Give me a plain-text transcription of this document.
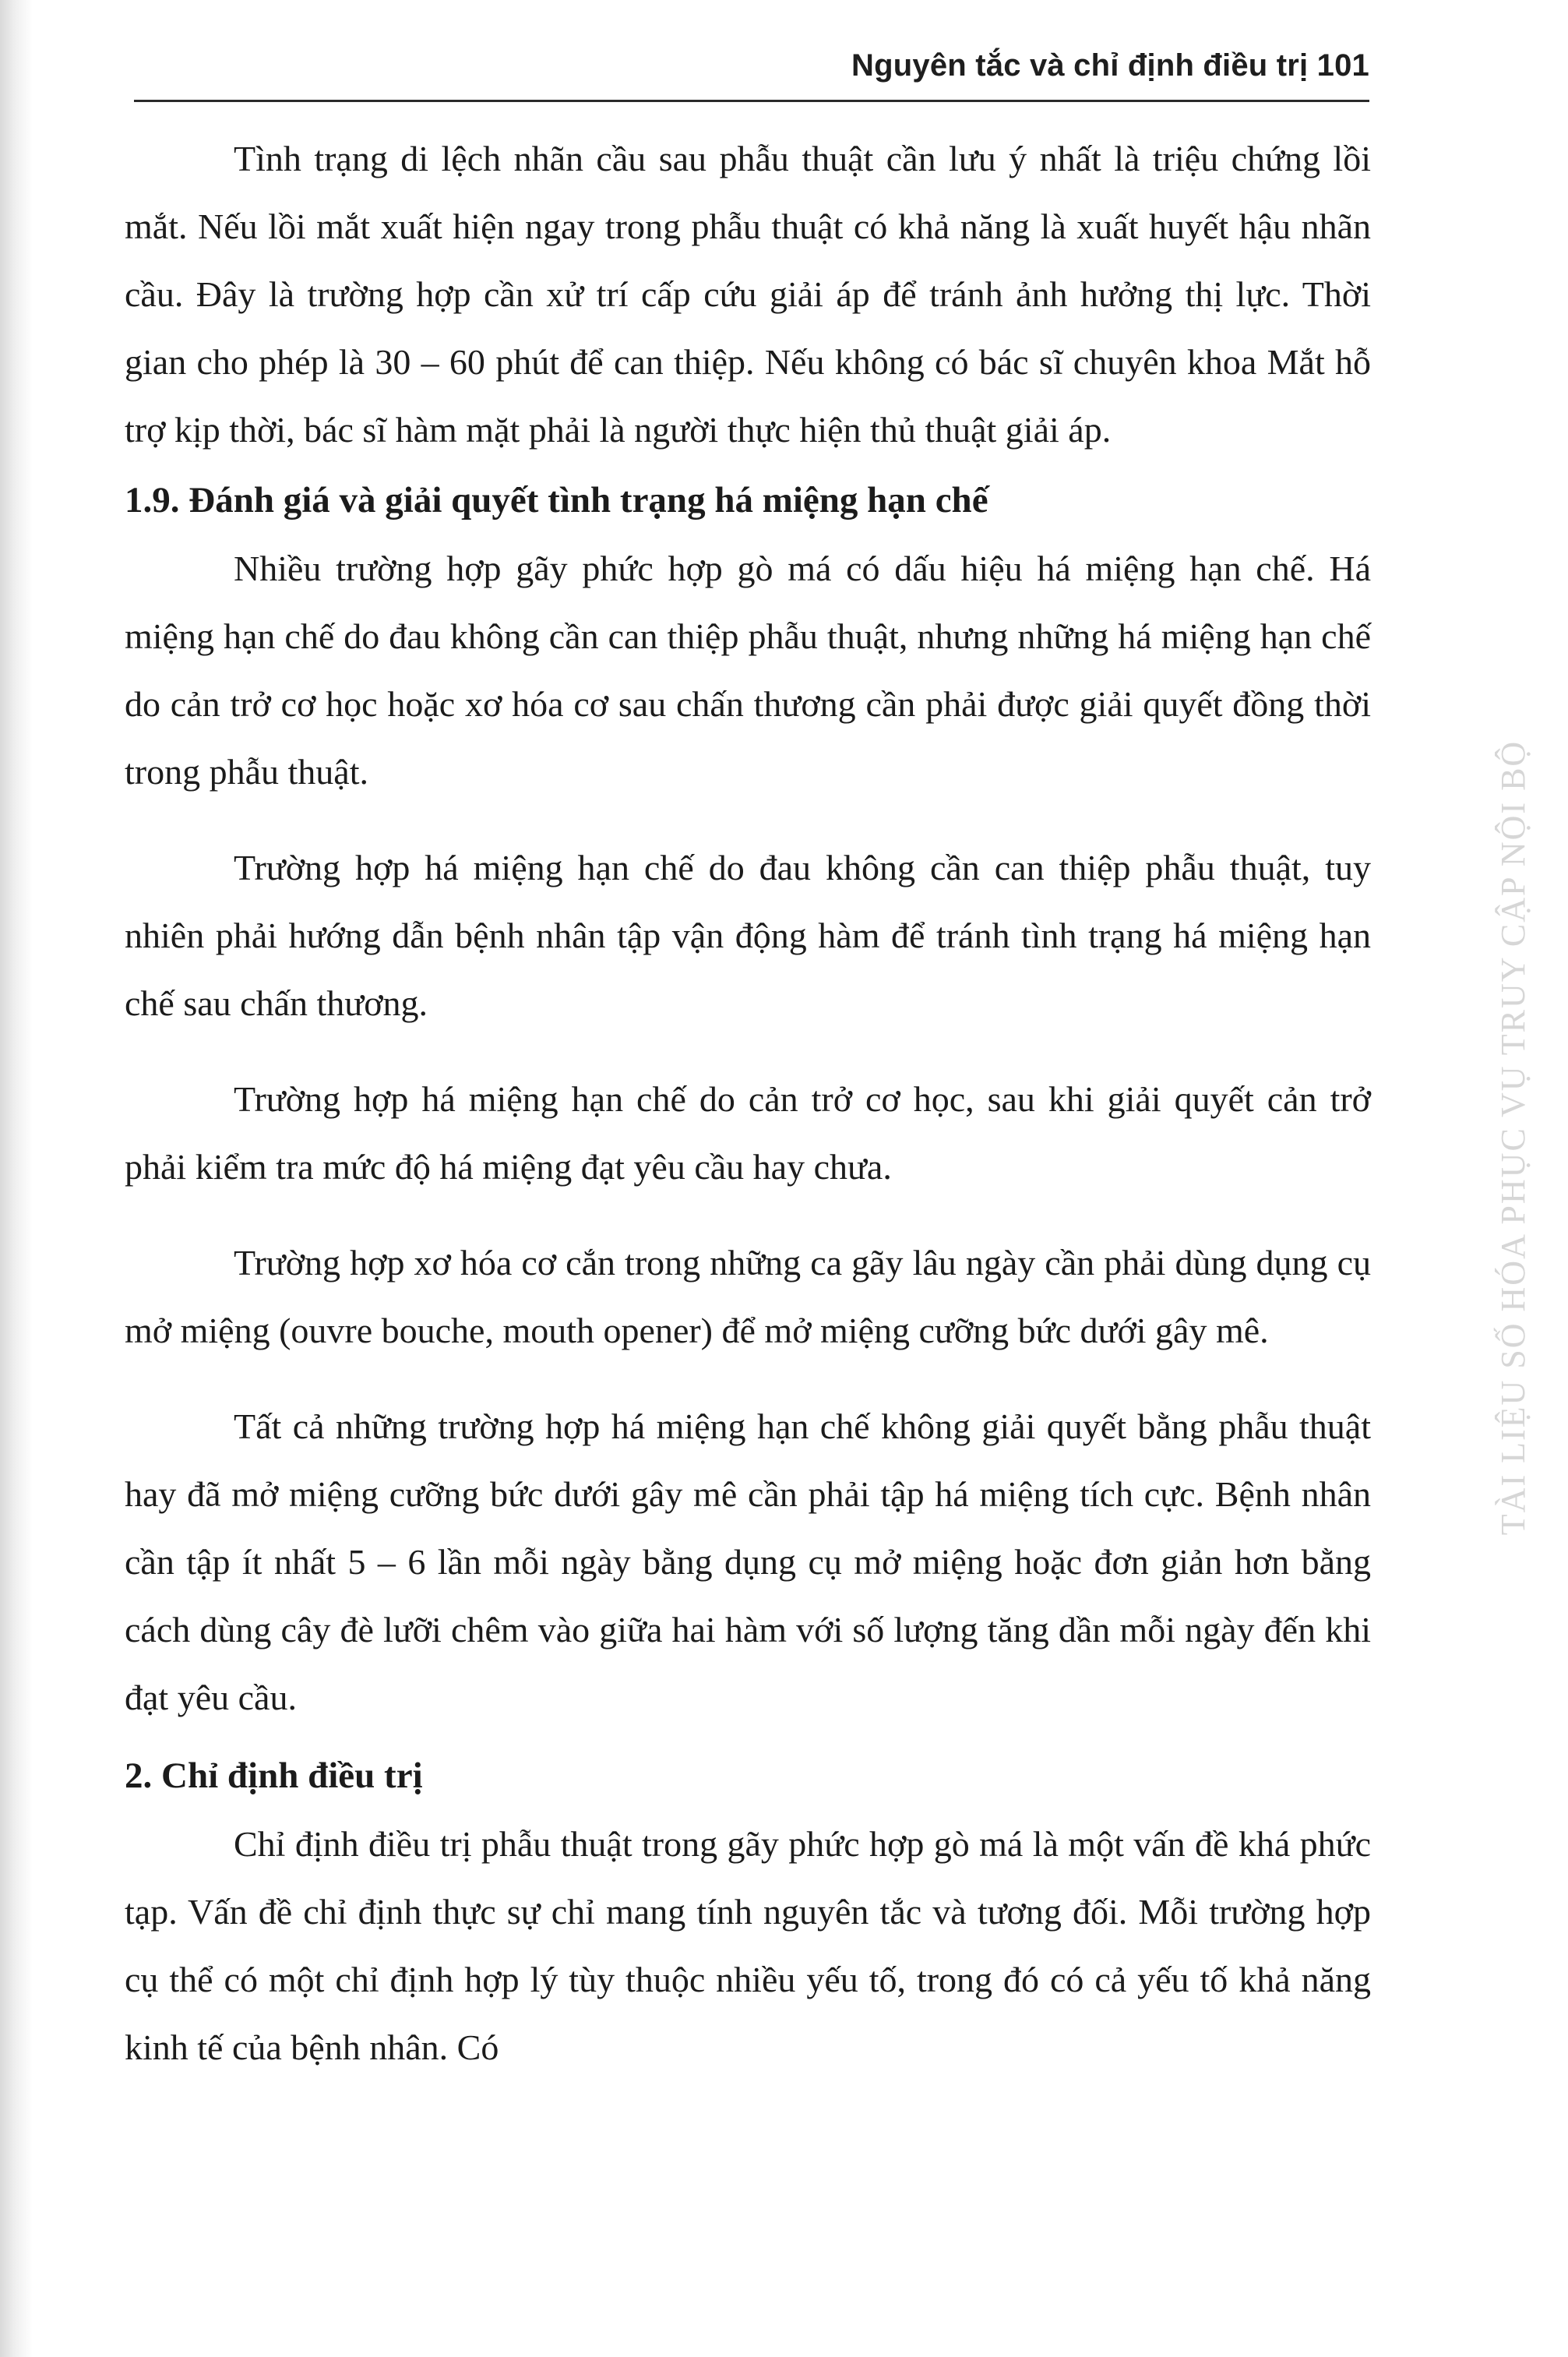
Nguyên tắc và chỉ định điều trị 101

Tình trạng di lệch nhãn cầu sau phẫu thuật cần lưu ý nhất là triệu chứng lồi mắt. Nếu lồi mắt xuất hiện ngay trong phẫu thuật có khả năng là xuất huyết hậu nhãn cầu. Đây là trường hợp cần xử trí cấp cứu giải áp để tránh ảnh hưởng thị lực. Thời gian cho phép là 30 – 60 phút để can thiệp. Nếu không có bác sĩ chuyên khoa Mắt hỗ trợ kịp thời, bác sĩ hàm mặt phải là người thực hiện thủ thuật giải áp.

1.9. Đánh giá và giải quyết tình trạng há miệng hạn chế

Nhiều trường hợp gãy phức hợp gò má có dấu hiệu há miệng hạn chế. Há miệng hạn chế do đau không cần can thiệp phẫu thuật, nhưng những há miệng hạn chế do cản trở cơ học hoặc xơ hóa cơ sau chấn thương cần phải được giải quyết đồng thời trong phẫu thuật.

Trường hợp há miệng hạn chế do đau không cần can thiệp phẫu thuật, tuy nhiên phải hướng dẫn bệnh nhân tập vận động hàm để tránh tình trạng há miệng hạn chế sau chấn thương.

Trường hợp há miệng hạn chế do cản trở cơ học, sau khi giải quyết cản trở phải kiểm tra mức độ há miệng đạt yêu cầu hay chưa.

Trường hợp xơ hóa cơ cắn trong những ca gãy lâu ngày cần phải dùng dụng cụ mở miệng (ouvre bouche, mouth opener) để mở miệng cưỡng bức dưới gây mê.

Tất cả những trường hợp há miệng hạn chế không giải quyết bằng phẫu thuật hay đã mở miệng cưỡng bức dưới gây mê cần phải tập há miệng tích cực. Bệnh nhân cần tập ít nhất 5 – 6 lần mỗi ngày bằng dụng cụ mở miệng hoặc đơn giản hơn bằng cách dùng cây đè lưỡi chêm vào giữa hai hàm với số lượng tăng dần mỗi ngày đến khi đạt yêu cầu.

2. Chỉ định điều trị

Chỉ định điều trị phẫu thuật trong gãy phức hợp gò má là một vấn đề khá phức tạp. Vấn đề chỉ định thực sự chỉ mang tính nguyên tắc và tương đối. Mỗi trường hợp cụ thể có một chỉ định hợp lý tùy thuộc nhiều yếu tố, trong đó có cả yếu tố khả năng kinh tế của bệnh nhân. Có

TÀI LIỆU SỐ HÓA PHỤC VỤ TRUY CẬP NỘI BỘ
